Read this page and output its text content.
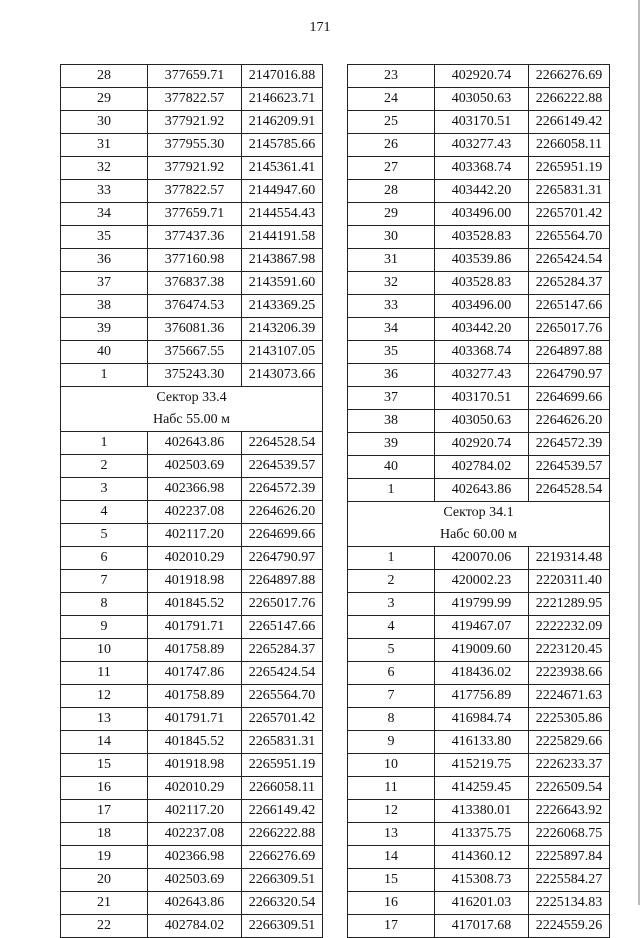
171
28	377659.71	2147016.88
29	377822.57	2146623.71
30	377921.92	2146209.91
31	377955.30	2145785.66
32	377921.92	2145361.41
33	377822.57	2144947.60
34	377659.71	2144554.43
35	377437.36	2144191.58
36	377160.98	2143867.98
37	376837.38	2143591.60
38	376474.53	2143369.25
39	376081.36	2143206.39
40	375667.55	2143107.05
1	375243.30	2143073.66
Сектор 33.4		
Набс 55.00 м		
1	402643.86	2264528.54
2	402503.69	2264539.57
3	402366.98	2264572.39
4	402237.08	2264626.20
5	402117.20	2264699.66
6	402010.29	2264790.97
7	401918.98	2264897.88
8	401845.52	2265017.76
9	401791.71	2265147.66
10	401758.89	2265284.37
11	401747.86	2265424.54
12	401758.89	2265564.70
13	401791.71	2265701.42
14	401845.52	2265831.31
15	401918.98	2265951.19
16	402010.29	2266058.11
17	402117.20	2266149.42
18	402237.08	2266222.88
19	402366.98	2266276.69
20	402503.69	2266309.51
21	402643.86	2266320.54
22	402784.02	2266309.51
23	402920.74	2266276.69
24	403050.63	2266222.88
25	403170.51	2266149.42
26	403277.43	2266058.11
27	403368.74	2265951.19
28	403442.20	2265831.31
29	403496.00	2265701.42
30	403528.83	2265564.70
31	403539.86	2265424.54
32	403528.83	2265284.37
33	403496.00	2265147.66
34	403442.20	2265017.76
35	403368.74	2264897.88
36	403277.43	2264790.97
37	403170.51	2264699.66
38	403050.63	2264626.20
39	402920.74	2264572.39
40	402784.02	2264539.57
1	402643.86	2264528.54
Сектор 34.1		
Набс 60.00 м		
1	420070.06	2219314.48
2	420002.23	2220311.40
3	419799.99	2221289.95
4	419467.07	2222232.09
5	419009.60	2223120.45
6	418436.02	2223938.66
7	417756.89	2224671.63
8	416984.74	2225305.86
9	416133.80	2225829.66
10	415219.75	2226233.37
11	414259.45	2226509.54
12	413380.01	2226643.92
13	413375.75	2226068.75
14	414360.12	2225897.84
15	415308.73	2225584.27
16	416201.03	2225134.83
17	417017.68	2224559.26
